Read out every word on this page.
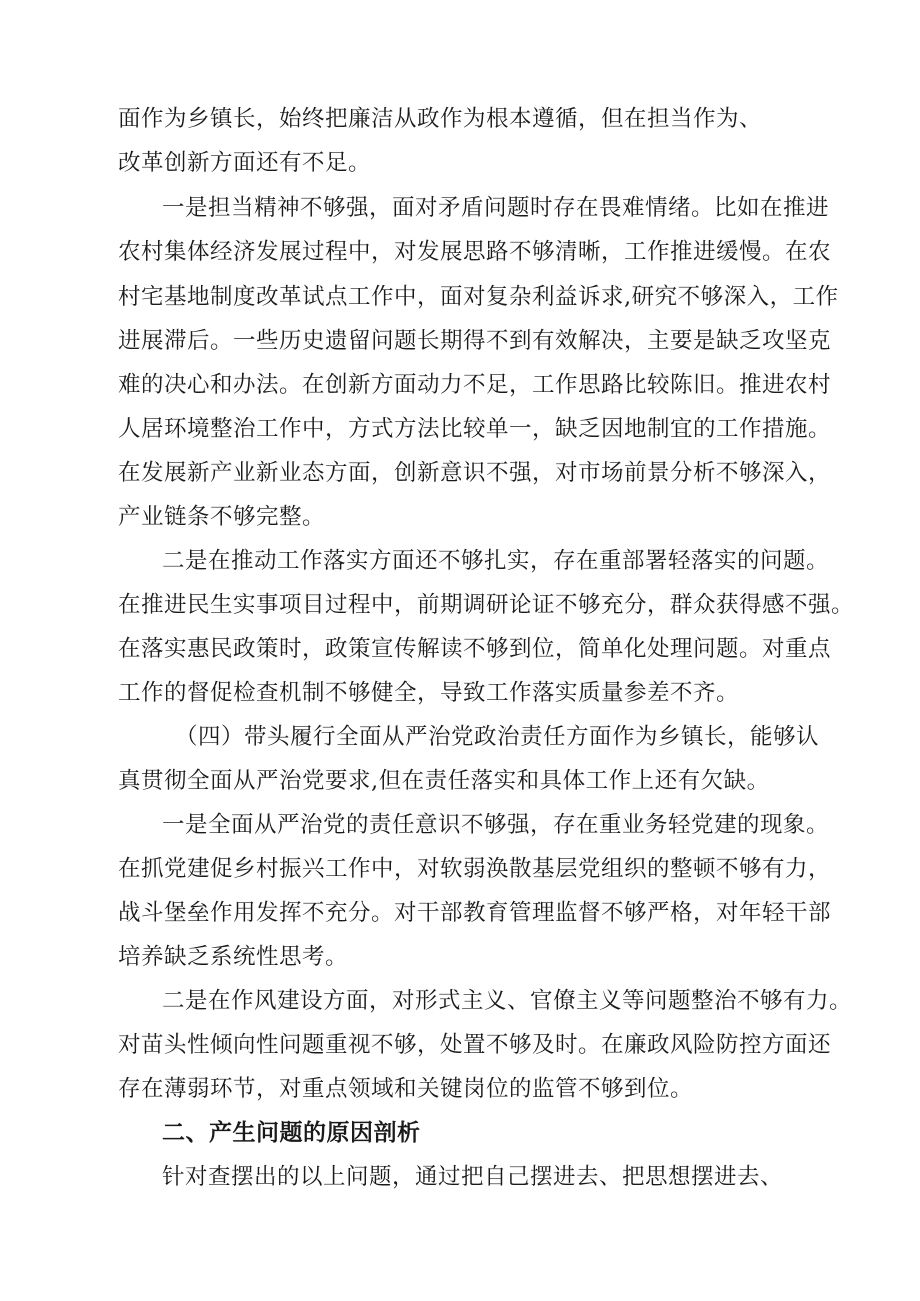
面作为乡镇长，始终把廉洁从政作为根本遵循，但在担当作为、
改革创新方面还有不足。
一是担当精神不够强，面对矛盾问题时存在畏难情绪。比如在推进
农村集体经济发展过程中，对发展思路不够清晰，工作推进缓慢。在农
村宅基地制度改革试点工作中，面对复杂利益诉求,研究不够深入，工作
进展滞后。一些历史遗留问题长期得不到有效解决，主要是缺乏攻坚克
难的决心和办法。在创新方面动力不足，工作思路比较陈旧。推进农村
人居环境整治工作中，方式方法比较单一，缺乏因地制宜的工作措施。
在发展新产业新业态方面，创新意识不强，对市场前景分析不够深入，
产业链条不够完整。
二是在推动工作落实方面还不够扎实，存在重部署轻落实的问题。
在推进民生实事项目过程中，前期调研论证不够充分，群众获得感不强。
在落实惠民政策时，政策宣传解读不够到位，简单化处理问题。对重点
工作的督促检查机制不够健全，导致工作落实质量参差不齐。
（四）带头履行全面从严治党政治责任方面作为乡镇长，能够认
真贯彻全面从严治党要求,但在责任落实和具体工作上还有欠缺。
一是全面从严治党的责任意识不够强，存在重业务轻党建的现象。
在抓党建促乡村振兴工作中，对软弱涣散基层党组织的整顿不够有力，
战斗堡垒作用发挥不充分。对干部教育管理监督不够严格，对年轻干部
培养缺乏系统性思考。
二是在作风建设方面，对形式主义、官僚主义等问题整治不够有力。
对苗头性倾向性问题重视不够，处置不够及时。在廉政风险防控方面还
存在薄弱环节，对重点领域和关键岗位的监管不够到位。
二、产生问题的原因剖析
针对查摆出的以上问题，通过把自己摆进去、把思想摆进去、
